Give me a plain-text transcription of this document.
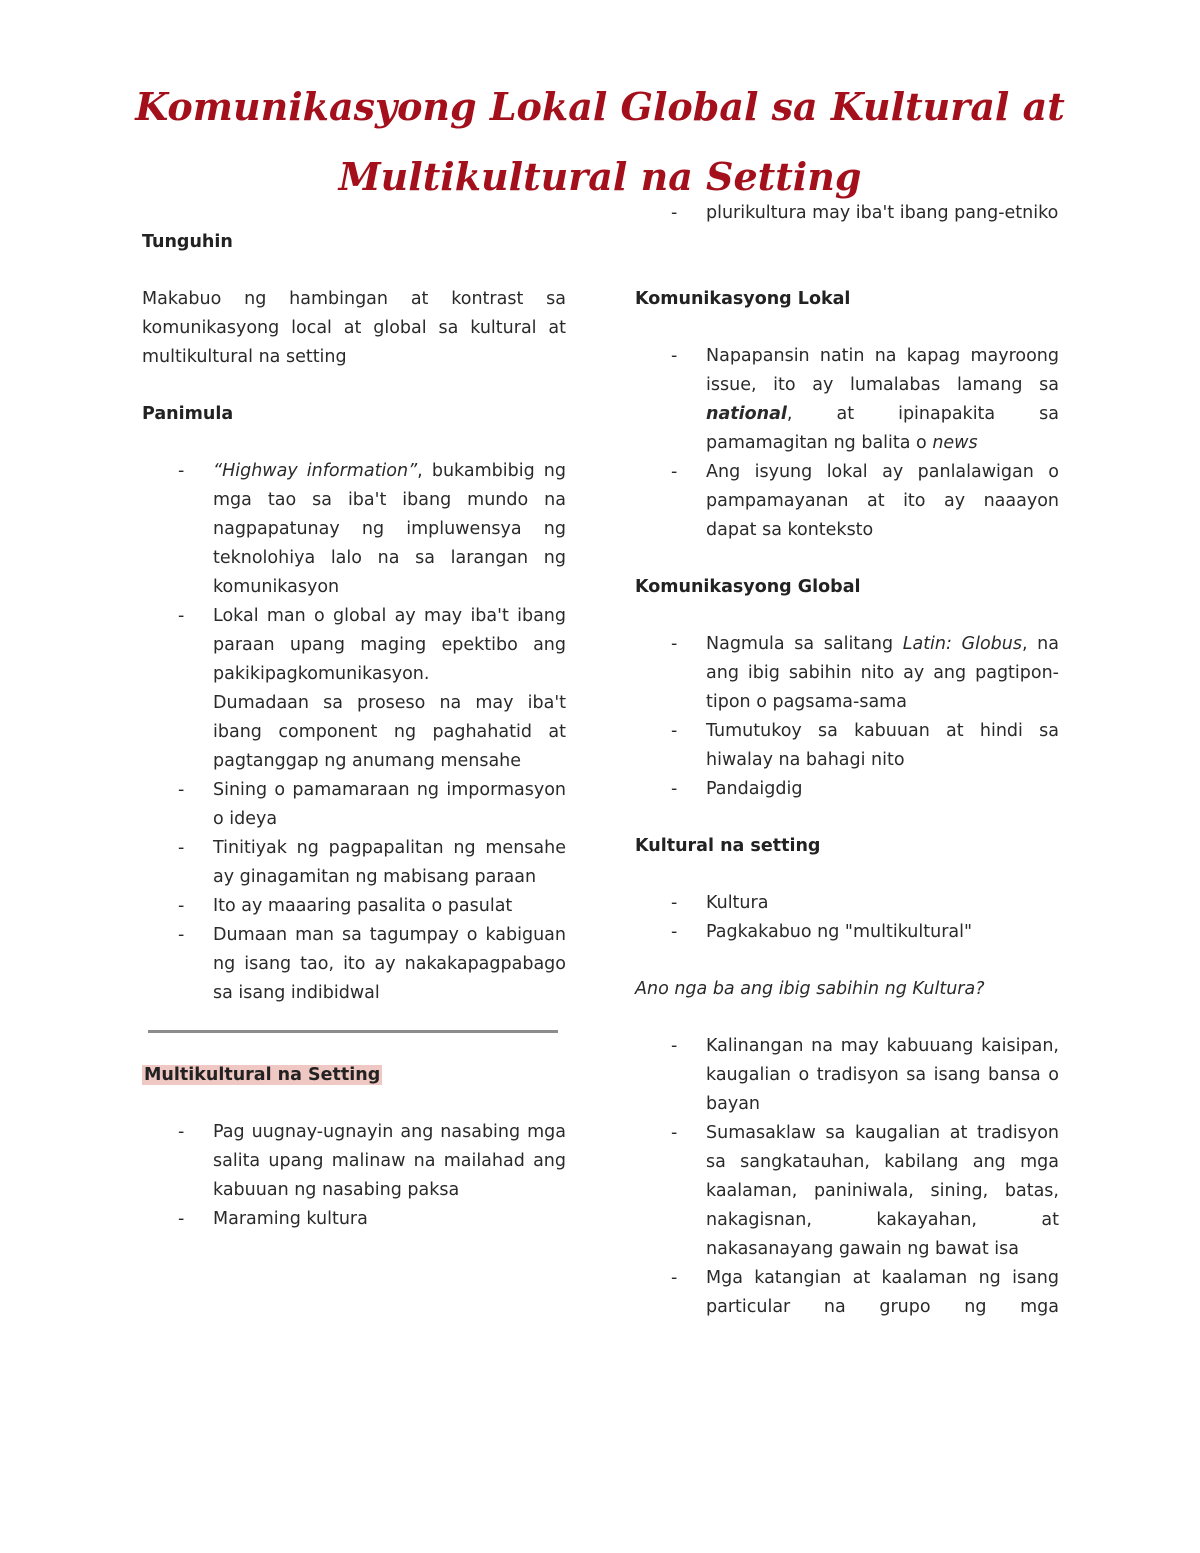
Komunikasyong Lokal Global sa Kultural at
Multikultural na Setting
Tunguhin
Makabuo ng hambingan at kontrast sa komunikasyong local at global sa kultural at multikultural na setting
Panimula
- “Highway information”, bukambibig ng mga tao sa iba't ibang mundo na nagpapatunay ng impluwensya ng teknolohiya lalo na sa larangan ng komunikasyon
- Lokal man o global ay may iba't ibang paraan upang maging epektibo ang pakikipagkomunikasyon.
Dumadaan sa proseso na may iba't ibang component ng paghahatid at pagtanggap ng anumang mensahe
- Sining o pamamaraan ng impormasyon o ideya
- Tinitiyak ng pagpapalitan ng mensahe ay ginagamitan ng mabisang paraan
- Ito ay maaaring pasalita o pasulat
- Dumaan man sa tagumpay o kabiguan ng isang tao, ito ay nakakapagpabago sa isang indibidwal
Multikultural na Setting
- Pag uugnay-ugnayin ang nasabing mga salita upang malinaw na mailahad ang kabuuan ng nasabing paksa
- Maraming kultura
- plurikultura may iba't ibang pang-etniko
Komunikasyong Lokal
- Napapansin natin na kapag mayroong issue, ito ay lumalabas lamang sa national, at ipinapakita sa pamamagitan ng balita o news
- Ang isyung lokal ay panlalawigan o pampamayanan at ito ay naaayon dapat sa konteksto
Komunikasyong Global
- Nagmula sa salitang Latin: Globus, na ang ibig sabihin nito ay ang pagtipon-tipon o pagsama-sama
- Tumutukoy sa kabuuan at hindi sa hiwalay na bahagi nito
- Pandaigdig
Kultural na setting
- Kultura
- Pagkakabuo ng "multikultural"
Ano nga ba ang ibig sabihin ng Kultura?
- Kalinangan na may kabuuang kaisipan, kaugalian o tradisyon sa isang bansa o bayan
- Sumasaklaw sa kaugalian at tradisyon sa sangkatauhan, kabilang ang mga kaalaman, paniniwala, sining, batas, nakagisnan, kakayahan, at nakasanayang gawain ng bawat isa
- Mga katangian at kaalaman ng isang particular na grupo ng mga
